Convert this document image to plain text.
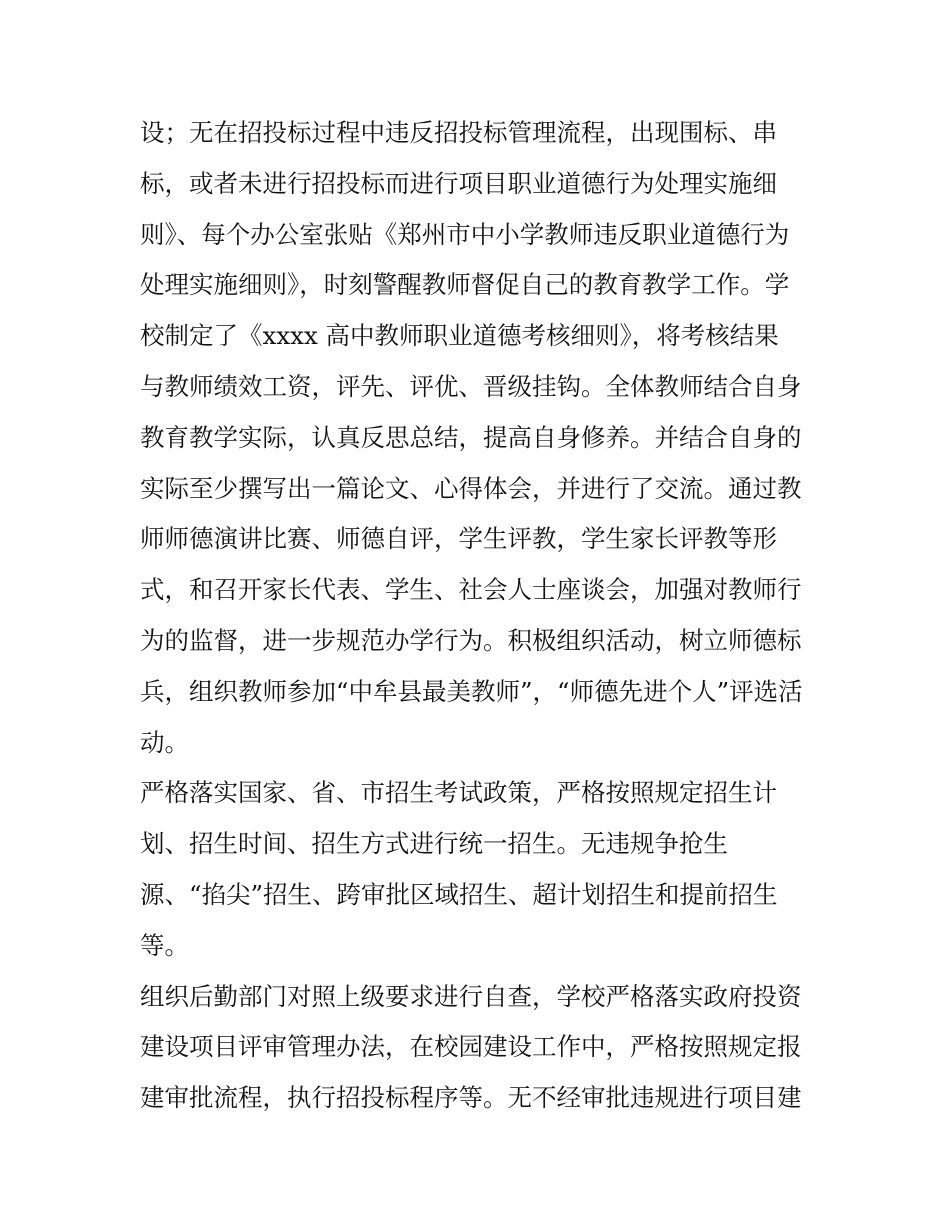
设；无在招投标过程中违反招投标管理流程，出现围标、串
标，或者未进行招投标而进行项目职业道德行为处理实施细
则》、每个办公室张贴《郑州市中小学教师违反职业道德行为
处理实施细则》，时刻警醒教师督促自己的教育教学工作。学
校制定了《xxxx 高中教师职业道德考核细则》，将考核结果
与教师绩效工资，评先、评优、晋级挂钩。全体教师结合自身
教育教学实际，认真反思总结，提高自身修养。并结合自身的
实际至少撰写出一篇论文、心得体会，并进行了交流。通过教
师师德演讲比赛、师德自评，学生评教，学生家长评教等形
式，和召开家长代表、学生、社会人士座谈会，加强对教师行
为的监督，进一步规范办学行为。积极组织活动，树立师德标
兵，组织教师参加“中牟县最美教师”，“师德先进个人”评选活
动。
严格落实国家、省、市招生考试政策，严格按照规定招生计
划、招生时间、招生方式进行统一招生。无违规争抢生
源、“掐尖”招生、跨审批区域招生、超计划招生和提前招生
等。
组织后勤部门对照上级要求进行自查，学校严格落实政府投资
建设项目评审管理办法，在校园建设工作中，严格按照规定报
建审批流程，执行招投标程序等。无不经审批违规进行项目建
